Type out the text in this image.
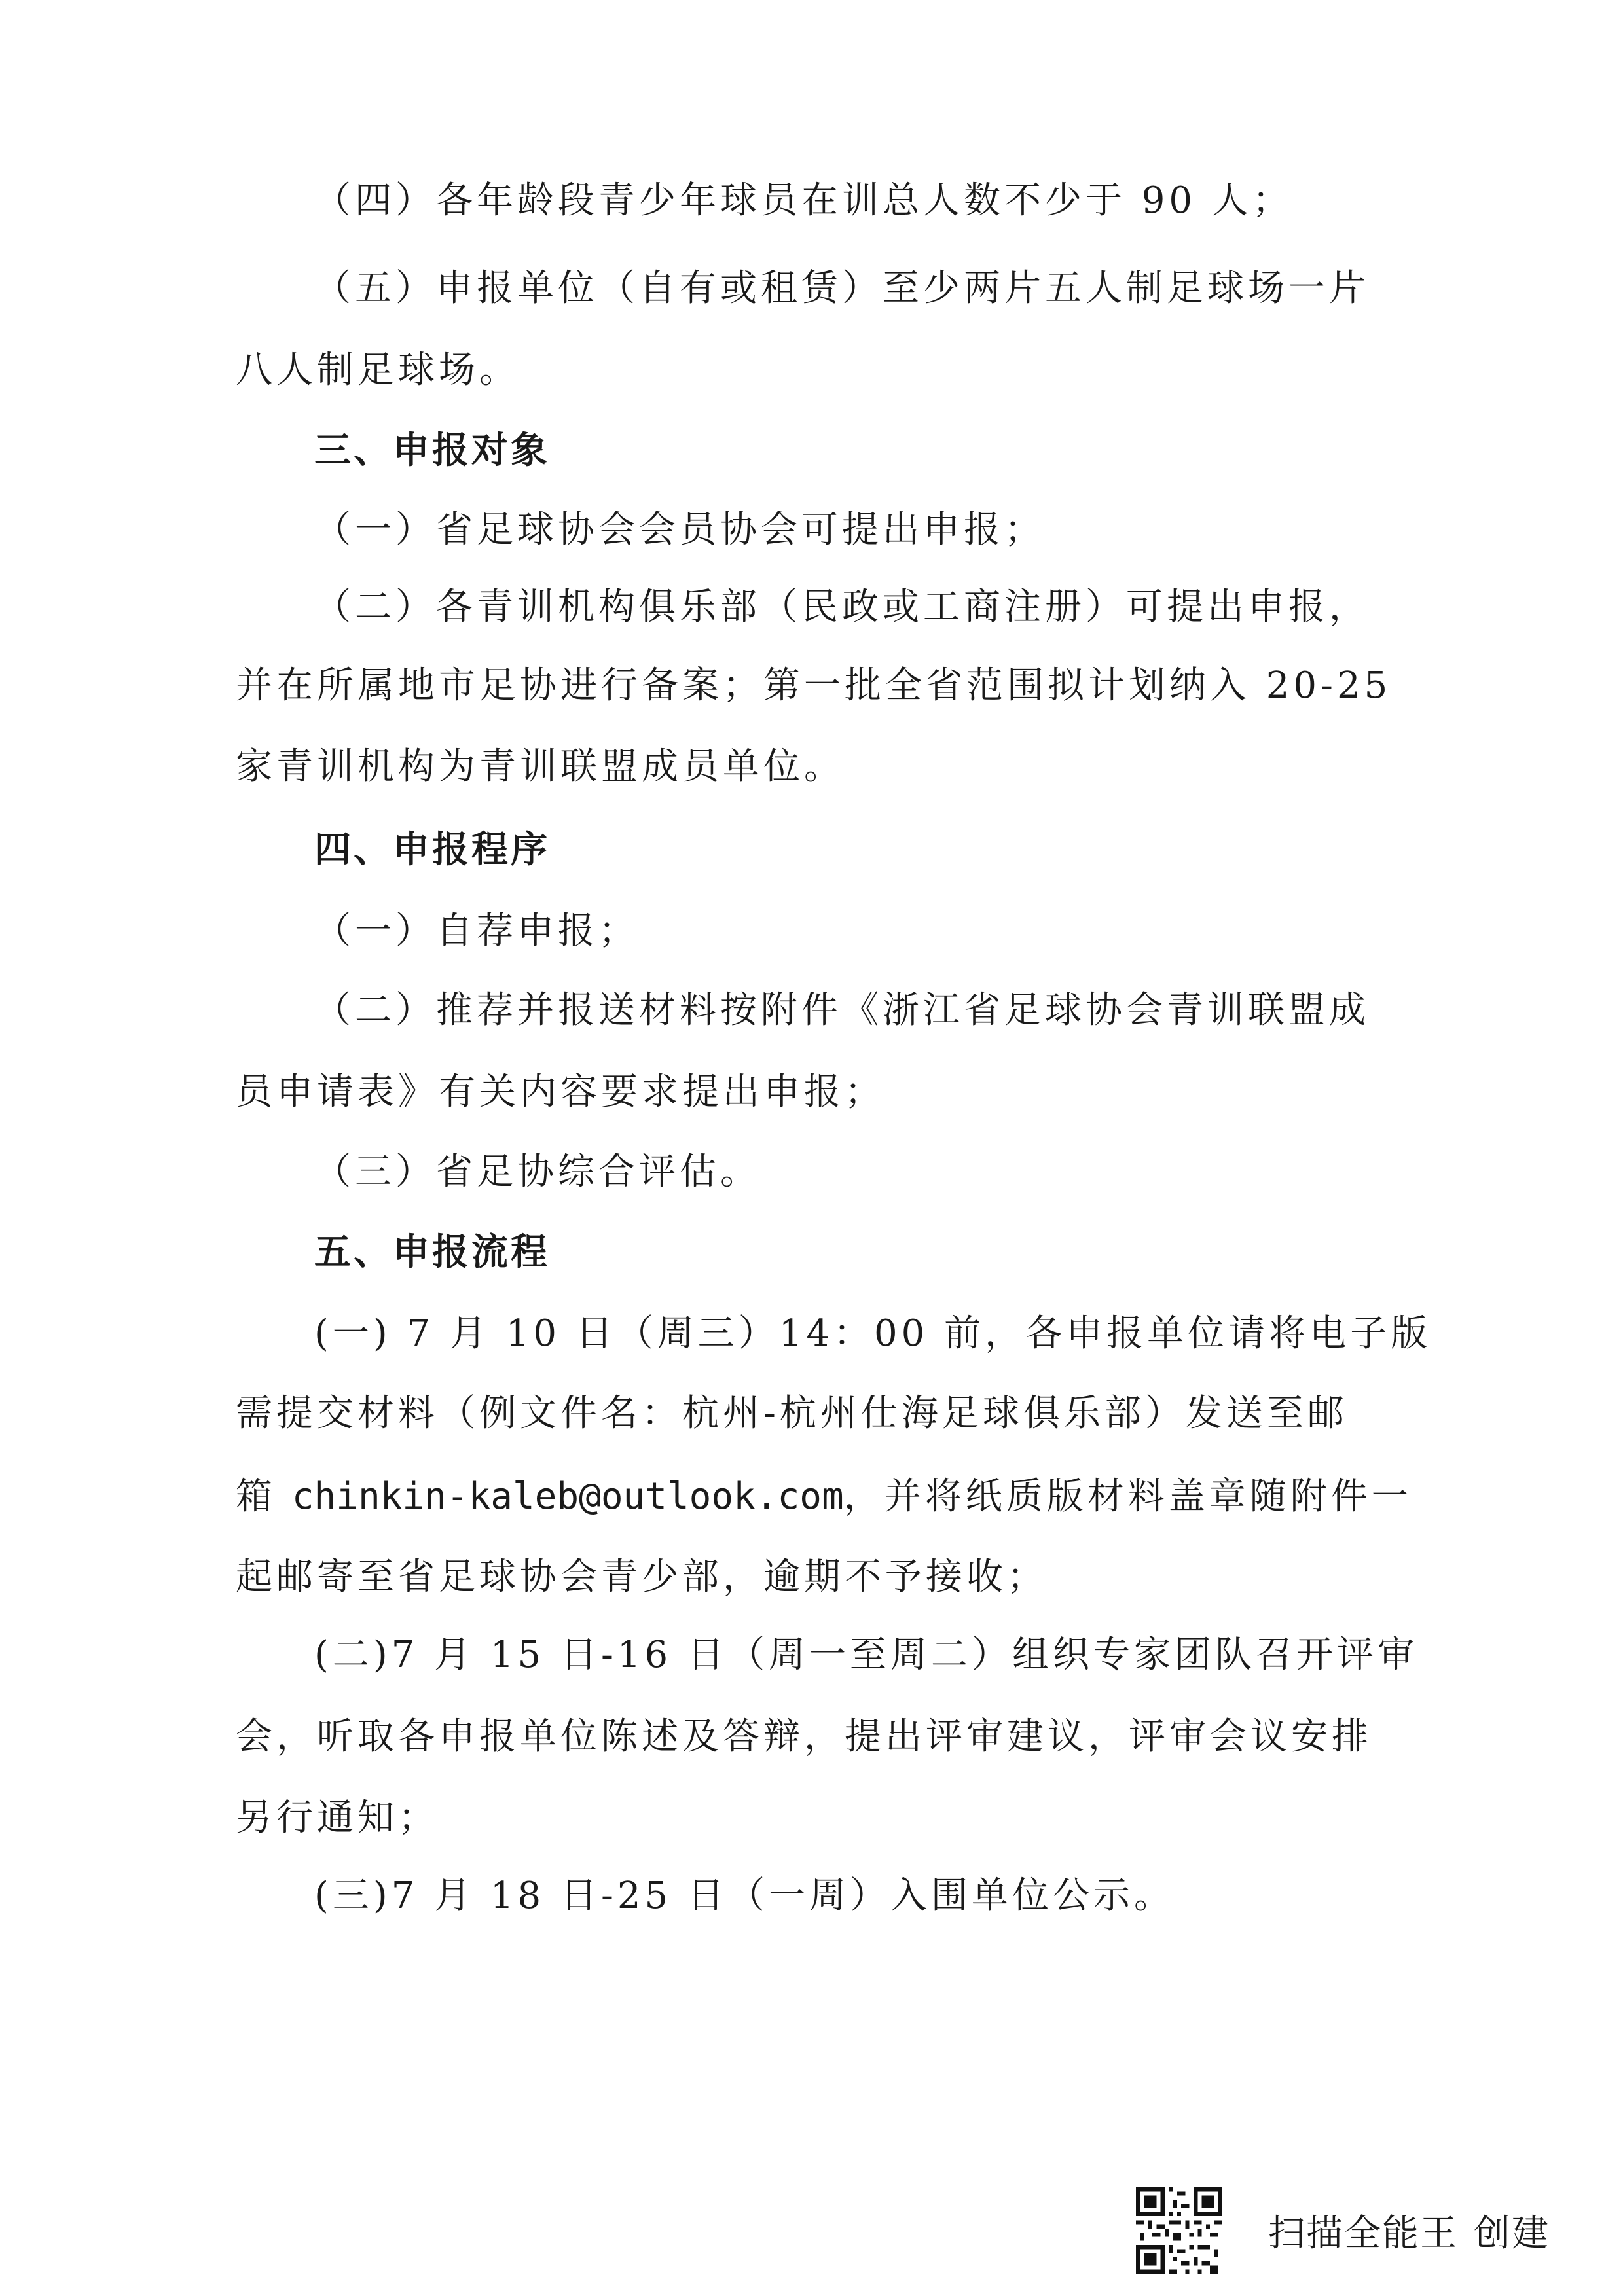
（四）各年龄段青少年球员在训总人数不少于 90 人；
（五）申报单位（自有或租赁）至少两片五人制足球场一片
八人制足球场。
三、申报对象
（一）省足球协会会员协会可提出申报；
（二）各青训机构俱乐部（民政或工商注册）可提出申报，
并在所属地市足协进行备案；第一批全省范围拟计划纳入 20-25
家青训机构为青训联盟成员单位。
四、申报程序
（一）自荐申报；
（二）推荐并报送材料按附件《浙江省足球协会青训联盟成
员申请表》有关内容要求提出申报；
（三）省足协综合评估。
五、申报流程
(一) 7 月 10 日（周三）14：00 前，各申报单位请将电子版
需提交材料（例文件名：杭州-杭州仕海足球俱乐部）发送至邮
箱 chinkin-kaleb@outlook.com，并将纸质版材料盖章随附件一
起邮寄至省足球协会青少部，逾期不予接收；
(二)7 月 15 日-16 日（周一至周二）组织专家团队召开评审
会，听取各申报单位陈述及答辩，提出评审建议，评审会议安排
另行通知；
(三)7 月 18 日-25 日（一周）入围单位公示。
扫描全能王 创建
